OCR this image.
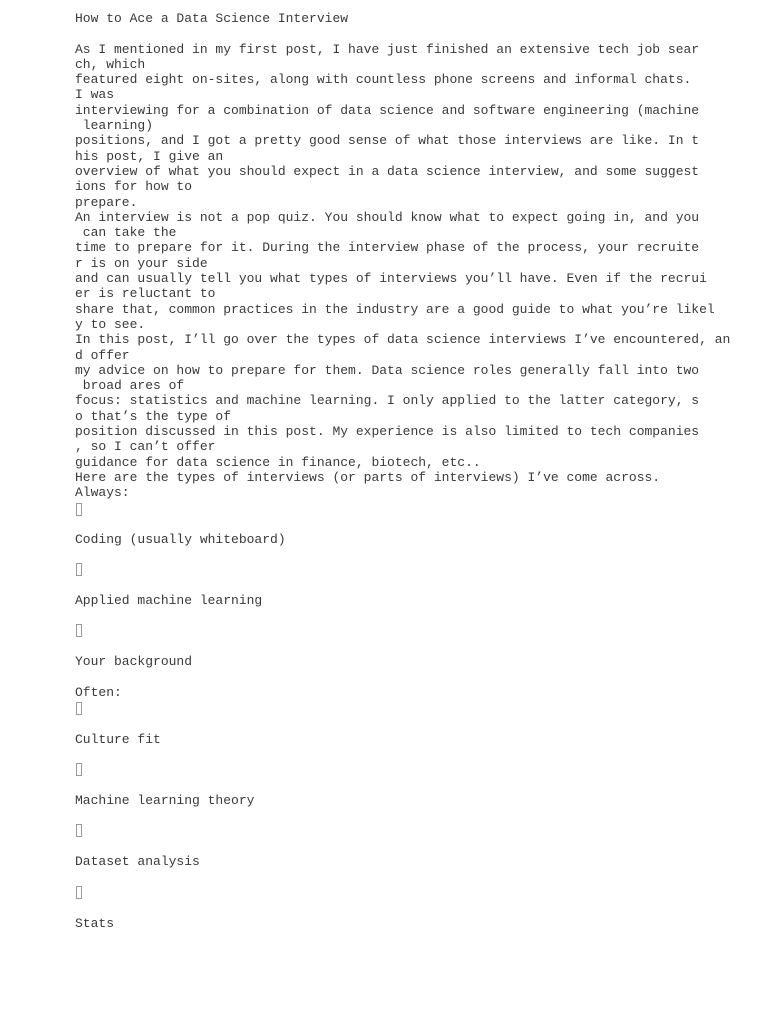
How to Ace a Data Science Interview
As I mentioned in my first post, I have just finished an extensive tech job sear
ch, which
featured eight on-sites, along with countless phone screens and informal chats.
I was
interviewing for a combination of data science and software engineering (machine
learning)
positions, and I got a pretty good sense of what those interviews are like. In t
his post, I give an
overview of what you should expect in a data science interview, and some suggest
ions for how to
prepare.
An interview is not a pop quiz. You should know what to expect going in, and you
can take the
time to prepare for it. During the interview phase of the process, your recruite
r is on your side
and can usually tell you what types of interviews you’ll have. Even if the recrui
er is reluctant to
share that, common practices in the industry are a good guide to what you’re likel
y to see.
In this post, I’ll go over the types of data science interviews I’ve encountered, an
d offer
my advice on how to prepare for them. Data science roles generally fall into two
broad ares of
focus: statistics and machine learning. I only applied to the latter category, s
o that’s the type of
position discussed in this post. My experience is also limited to tech companies
, so I can’t offer
guidance for data science in finance, biotech, etc..
Here are the types of interviews (or parts of interviews) I’ve come across.
Always:
Coding (usually whiteboard)
Applied machine learning
Your background
Often:
Culture fit
Machine learning theory
Dataset analysis
Stats
